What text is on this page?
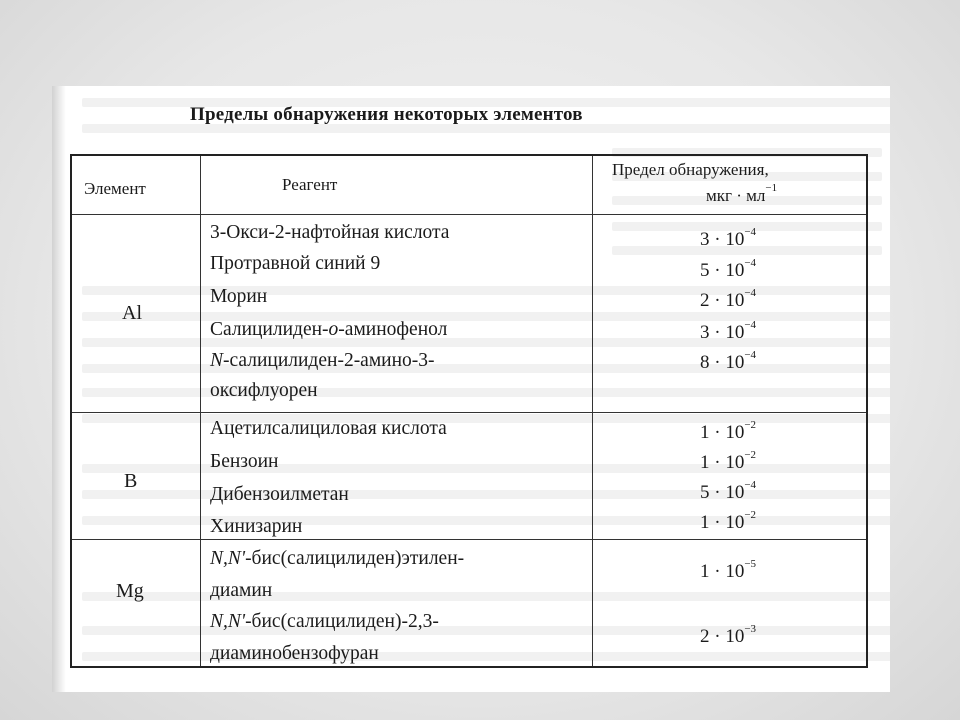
Пределы обнаружения некоторых элементов
Элемент	Реагент
Предел обнаружения,
мкг · $мл^{-1}$
Al
3-Окси-2-нафтойная кислота
Протравной синий 9
Морин
Салицилиден-o-аминофенол
N-салицилиден-2-амино-3-
оксифлуорен
$3 \cdot 10^{-4}$
$5 \cdot 10^{-4}$
$2 \cdot 10^{-4}$
$3 \cdot 10^{-4}$
$8 \cdot 10^{-4}$
B
Ацетилсалициловая кислота
Бензоин
Дибензоилметан
Хинизарин
$1 \cdot 10^{-2}$
$1 \cdot 10^{-2}$
$5 \cdot 10^{-4}$
$1 \cdot 10^{-2}$
Mg
N,N'-бис(салицилиден)этилен-
диамин
N,N'-бис(салицилиден)-2,3-
диаминобензофуран
$1 \cdot 10^{-5}$
$2 \cdot 10^{-3}$
